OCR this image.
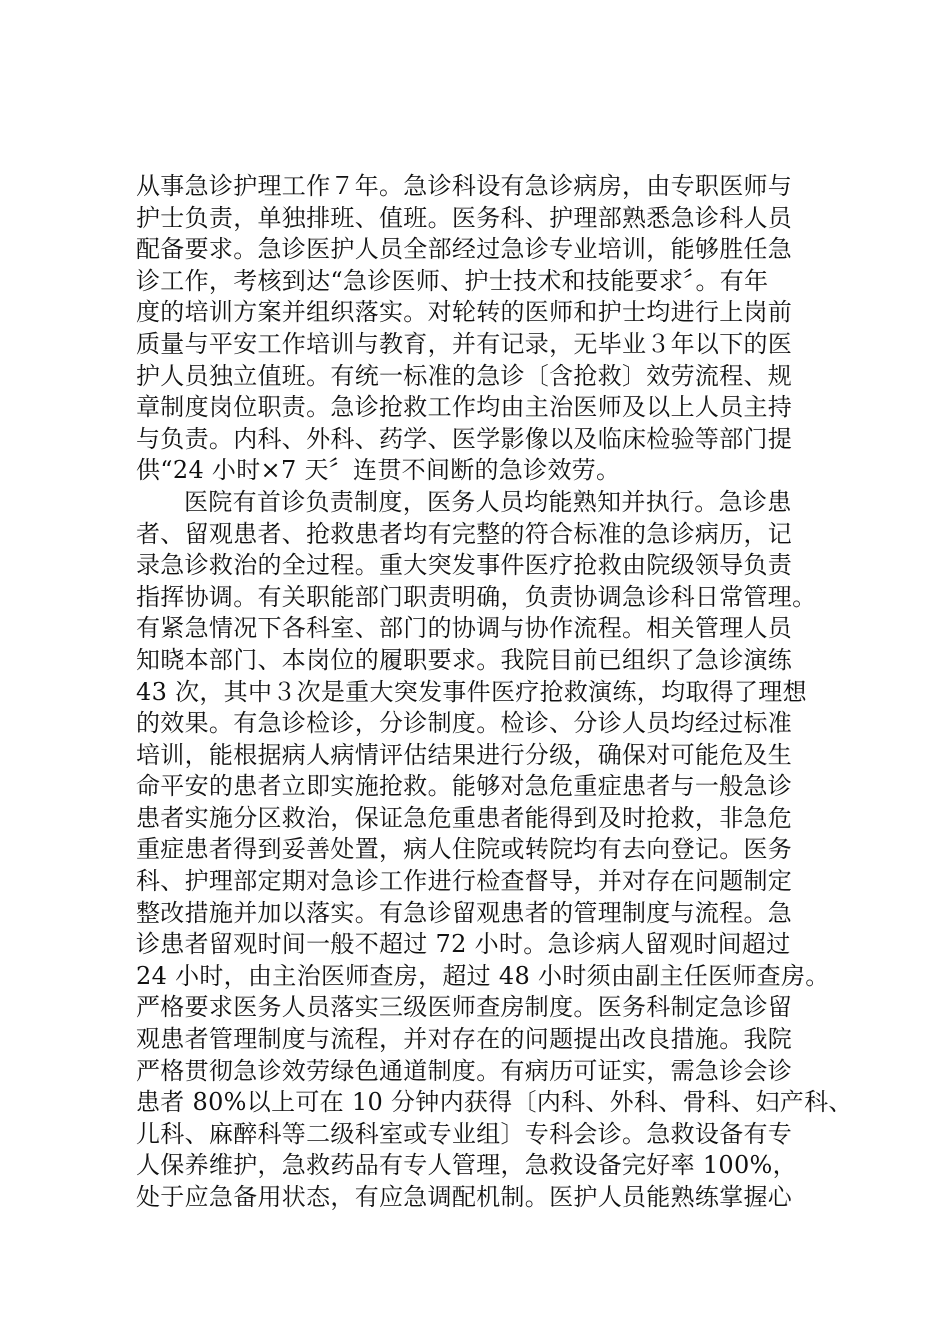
从事急诊护理工作７年。急诊科设有急诊病房，由专职医师与
护士负责，单独排班、值班。医务科、护理部熟悉急诊科人员
配备要求。急诊医护人员全部经过急诊专业培训，能够胜任急
诊工作，考核到达“急诊医师、护士技术和技能要求〞。有年
度的培训方案并组织落实。对轮转的医师和护士均进行上岗前
质量与平安工作培训与教育，并有记录，无毕业３年以下的医
护人员独立值班。有统一标准的急诊〔含抢救〕效劳流程、规
章制度岗位职责。急诊抢救工作均由主治医师及以上人员主持
与负责。内科、外科、药学、医学影像以及临床检验等部门提
供“24 小时×7 天〞连贯不间断的急诊效劳。
医院有首诊负责制度，医务人员均能熟知并执行。急诊患
者、留观患者、抢救患者均有完整的符合标准的急诊病历，记
录急诊救治的全过程。重大突发事件医疗抢救由院级领导负责
指挥协调。有关职能部门职责明确，负责协调急诊科日常管理。
有紧急情况下各科室、部门的协调与协作流程。相关管理人员
知晓本部门、本岗位的履职要求。我院目前已组织了急诊演练
43 次，其中３次是重大突发事件医疗抢救演练，均取得了理想
的效果。有急诊检诊，分诊制度。检诊、分诊人员均经过标准
培训，能根据病人病情评估结果进行分级，确保对可能危及生
命平安的患者立即实施抢救。能够对急危重症患者与一般急诊
患者实施分区救治，保证急危重患者能得到及时抢救，非急危
重症患者得到妥善处置，病人住院或转院均有去向登记。医务
科、护理部定期对急诊工作进行检查督导，并对存在问题制定
整改措施并加以落实。有急诊留观患者的管理制度与流程。急
诊患者留观时间一般不超过 72 小时。急诊病人留观时间超过
24 小时，由主治医师查房，超过 48 小时须由副主任医师查房。
严格要求医务人员落实三级医师查房制度。医务科制定急诊留
观患者管理制度与流程，并对存在的问题提出改良措施。我院
严格贯彻急诊效劳绿色通道制度。有病历可证实，需急诊会诊
患者 80%以上可在 10 分钟内获得〔内科、外科、骨科、妇产科、
儿科、麻醉科等二级科室或专业组〕专科会诊。急救设备有专
人保养维护，急救药品有专人管理，急救设备完好率 100%，
处于应急备用状态，有应急调配机制。医护人员能熟练掌握心
